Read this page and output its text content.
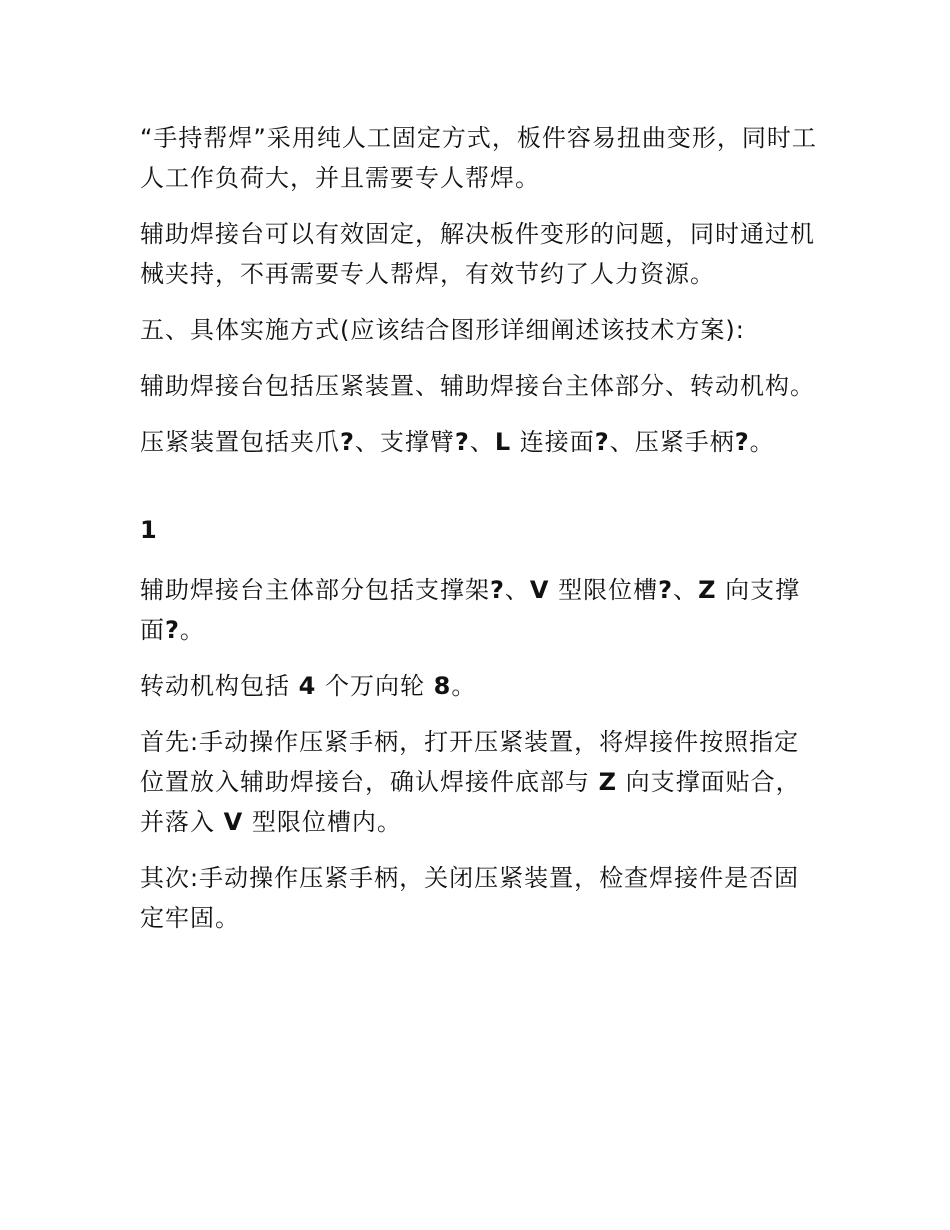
“手持帮焊”采用纯人工固定方式，板件容易扭曲变形，同时工人工作负荷大，并且需要专人帮焊。

辅助焊接台可以有效固定，解决板件变形的问题，同时通过机械夹持，不再需要专人帮焊，有效节约了人力资源。

五、具体实施方式(应该结合图形详细阐述该技术方案):

辅助焊接台包括压紧装置、辅助焊接台主体部分、转动机构。

压紧装置包括夹爪?、支撑臂?、L 连接面?、压紧手柄?。

1

辅助焊接台主体部分包括支撑架?、V 型限位槽?、Z 向支撑面?。

转动机构包括 4 个万向轮 8。

首先:手动操作压紧手柄，打开压紧装置，将焊接件按照指定位置放入辅助焊接台，确认焊接件底部与 Z 向支撑面贴合，并落入 V 型限位槽内。

其次:手动操作压紧手柄，关闭压紧装置，检查焊接件是否固定牢固。
